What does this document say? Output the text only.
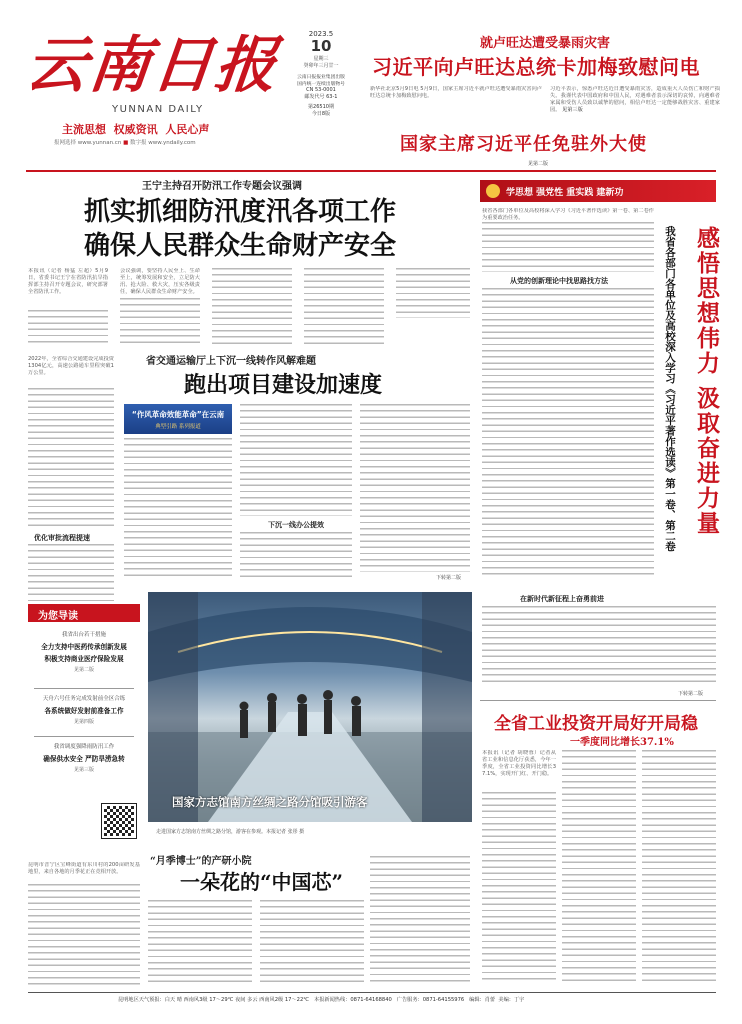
云南日报
YUNNAN DAILY
主流思想 权威资讯 人民心声
报网选择 www.yunnan.cn ■ 数字报 www.yndaily.com
2023.5
10
星期三
癸卯年三月廿一
云南日报报业集团出版
国内统一连续出版物号
CN 53-0001
邮发代号 63-1
第26510期
今日8版
就卢旺达遭受暴雨灾害
习近平向卢旺达总统卡加梅致慰问电
新华社北京5月9日电 5月9日，国家主席习近平就卢旺达遭受暴雨灾害向卢旺达总统卡加梅致慰问电。
习近平表示，惊悉卢旺达近日遭受暴雨灾害，造成重大人员伤亡和财产损失。我谨代表中国政府和中国人民，对遇难者表示深切的哀悼，向遇难者家属和受伤人员致以诚挚的慰问，相信卢旺达一定能够战胜灾害、重建家园。 见第三版
国家主席习近平任免驻外大使
见第二版
王宁主持召开防汛工作专题会议强调
抓实抓细防汛度汛各项工作
确保人民群众生命财产安全
本报讯（记者 杨猛 左超）5月9日，省委书记王宁在省防汛抗旱指挥部主持召开专题会议，研究部署全省防汛工作。
会议强调，要坚持人民至上、生命至上，统筹发展和安全，立足防大汛、抢大险、救大灾，压实各级责任，确保人民群众生命财产安全。
2022年，全省综合交通建设完成投资1304亿元，高速公路通车里程突破1万公里。
优化审批流程提速
省交通运输厅上下沉一线转作风解难题
跑出项目建设加速度
“作风革命效能革命”在云南
典型引路 系列报道
下沉一线办公提效
下转第二版
为您导读
我省出台若干措施
全力支持中医药传承创新发展
积极支持商业医疗保险发展
见第二版
天舟六号任务完成发射前全区合练
各系统做好发射前准备工作
见第四版
我省调度强降雨防汛工作
确保供水安全 严防旱涝急转
见第三版
国家方志馆南方丝绸之路分馆吸引游客
走进国家方志馆南方丝绸之路分馆，游客在参观。本报记者 张彤 摄
昆明市晋宁区宝峰街道有东川村的200亩研发基地里，来自各地的月季花正在竞相开放。
“月季博士”的产研小院
一朵花的“中国芯”
学思想 强党性 重实践 建新功
我省各部门各单位及高校将深入学习《习近平著作选读》第一卷、第二卷作为重要政治任务。
从党的创新理论中找思路找方法
在新时代新征程上奋勇前进
下转第二版
感悟思想伟力 汲取奋进力量
我省各部门各单位及高校深入学习《习近平著作选读》第一卷、第二卷
全省工业投资开局好开局稳
一季度同比增长37.1%
本报讯（记者 胡晓蓉）记者从省工业和信息化厅获悉，今年一季度，全省工业投资同比增长37.1%，实现开门红、开门稳。
昆明地区天气预报：白天 晴 西南风3级 17～29℃ 夜间 多云 西南风2级 17～22℃ 本报新闻热线：0871-64168840 广告服务：0871-64155976 编辑：肖蕾 美编：丁宇
